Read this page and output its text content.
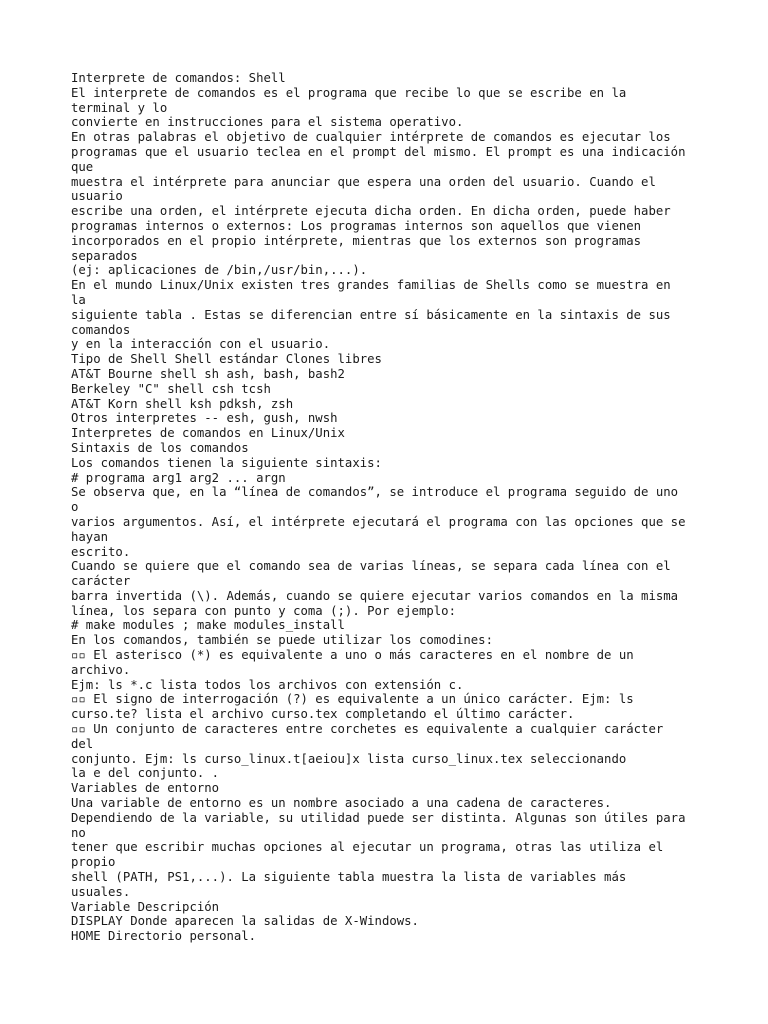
Interprete de comandos: Shell
El interprete de comandos es el programa que recibe lo que se escribe en la
terminal y lo
convierte en instrucciones para el sistema operativo.
En otras palabras el objetivo de cualquier intérprete de comandos es ejecutar los
programas que el usuario teclea en el prompt del mismo. El prompt es una indicación
que
muestra el intérprete para anunciar que espera una orden del usuario. Cuando el
usuario
escribe una orden, el intérprete ejecuta dicha orden. En dicha orden, puede haber
programas internos o externos: Los programas internos son aquellos que vienen
incorporados en el propio intérprete, mientras que los externos son programas
separados
(ej: aplicaciones de /bin,/usr/bin,...).
En el mundo Linux/Unix existen tres grandes familias de Shells como se muestra en
la
siguiente tabla . Estas se diferencian entre sí básicamente en la sintaxis de sus
comandos
y en la interacción con el usuario.
Tipo de Shell Shell estándar Clones libres
AT&T Bourne shell sh ash, bash, bash2
Berkeley "C" shell csh tcsh
AT&T Korn shell ksh pdksh, zsh
Otros interpretes -- esh, gush, nwsh
Interpretes de comandos en Linux/Unix
Sintaxis de los comandos
Los comandos tienen la siguiente sintaxis:
# programa arg1 arg2 ... argn
Se observa que, en la “línea de comandos”, se introduce el programa seguido de uno
o
varios argumentos. Así, el intérprete ejecutará el programa con las opciones que se
hayan
escrito.
Cuando se quiere que el comando sea de varias líneas, se separa cada línea con el
carácter
barra invertida (\). Además, cuando se quiere ejecutar varios comandos en la misma
línea, los separa con punto y coma (;). Por ejemplo:
# make modules ; make modules_install
En los comandos, también se puede utilizar los comodines:
▫▫ El asterisco (*) es equivalente a uno o más caracteres en el nombre de un
archivo.
Ejm: ls *.c lista todos los archivos con extensión c.
▫▫ El signo de interrogación (?) es equivalente a un único carácter. Ejm: ls
curso.te? lista el archivo curso.tex completando el último carácter.
▫▫ Un conjunto de caracteres entre corchetes es equivalente a cualquier carácter
del
conjunto. Ejm: ls curso_linux.t[aeiou]x lista curso_linux.tex seleccionando
la e del conjunto. .
Variables de entorno
Una variable de entorno es un nombre asociado a una cadena de caracteres.
Dependiendo de la variable, su utilidad puede ser distinta. Algunas son útiles para
no
tener que escribir muchas opciones al ejecutar un programa, otras las utiliza el
propio
shell (PATH, PS1,...). La siguiente tabla muestra la lista de variables más
usuales.
Variable Descripción
DISPLAY Donde aparecen la salidas de X-Windows.
HOME Directorio personal.
